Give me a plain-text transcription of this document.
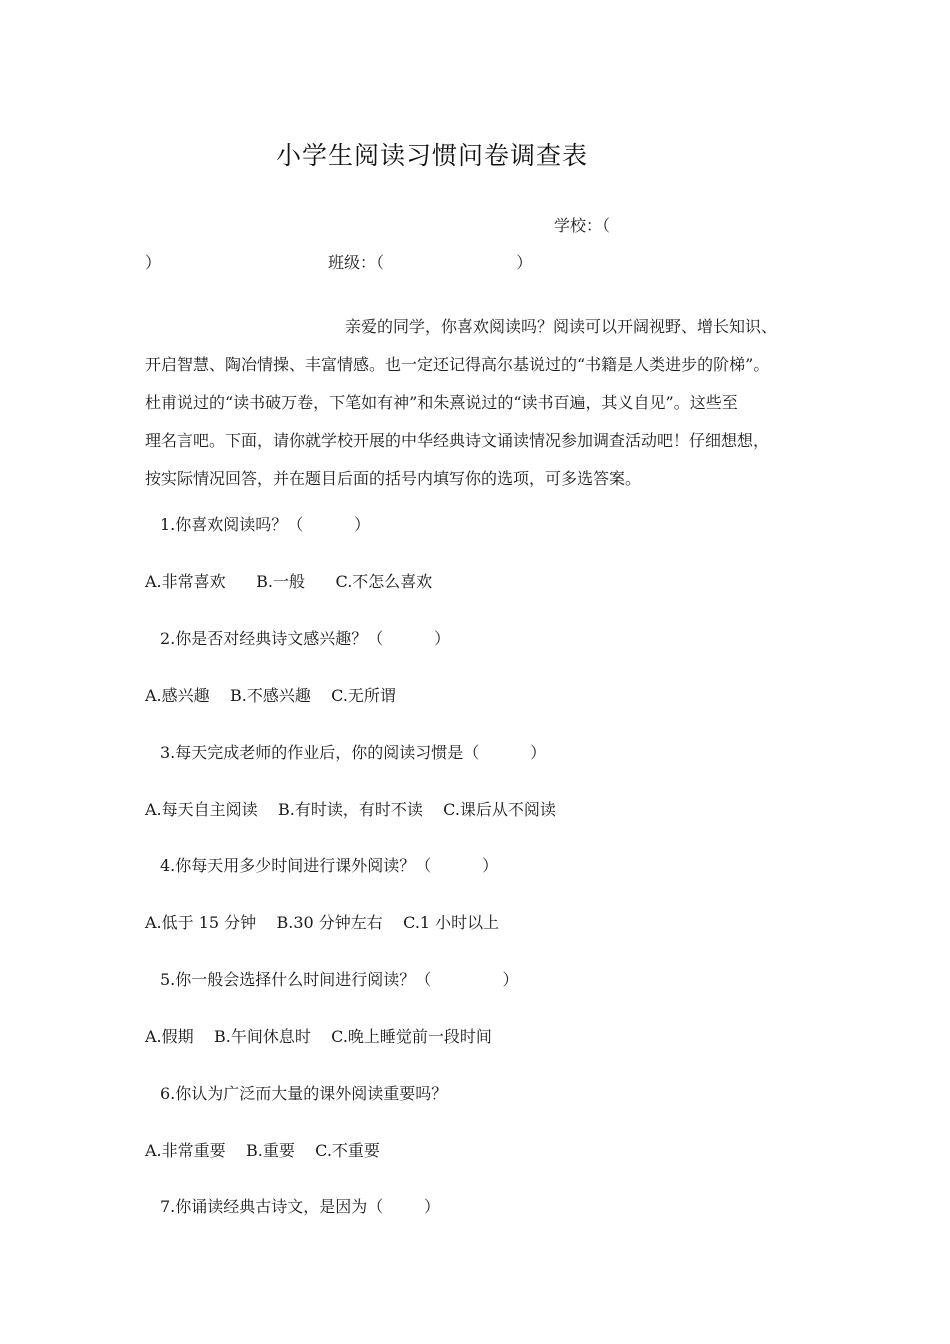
小学生阅读习惯问卷调查表
学校：（
）	班级：（                          ）
亲爱的同学，你喜欢阅读吗？阅读可以开阔视野、增长知识、
开启智慧、陶冶情操、丰富情感。也一定还记得高尔基说过的“书籍是人类进步的阶梯”。
杜甫说过的“读书破万卷，下笔如有神”和朱熹说过的“读书百遍，其义自见”。这些至
理名言吧。下面，请你就学校开展的中华经典诗文诵读情况参加调查活动吧！仔细想想，
按实际情况回答，并在题目后面的括号内填写你的选项，可多选答案。
1.你喜欢阅读吗？（          ）
A.非常喜欢      B.一般      C.不怎么喜欢
2.你是否对经典诗文感兴趣？（          ）
A.感兴趣    B.不感兴趣    C.无所谓
3.每天完成老师的作业后，你的阅读习惯是（          ）
A.每天自主阅读    B.有时读，有时不读    C.课后从不阅读
4.你每天用多少时间进行课外阅读？（          ）
A.低于 15 分钟    B.30 分钟左右    C.1 小时以上
5.你一般会选择什么时间进行阅读？（              ）
A.假期    B.午间休息时    C.晚上睡觉前一段时间
6.你认为广泛而大量的课外阅读重要吗？
A.非常重要    B.重要    C.不重要
7.你诵读经典古诗文，是因为（        ）
